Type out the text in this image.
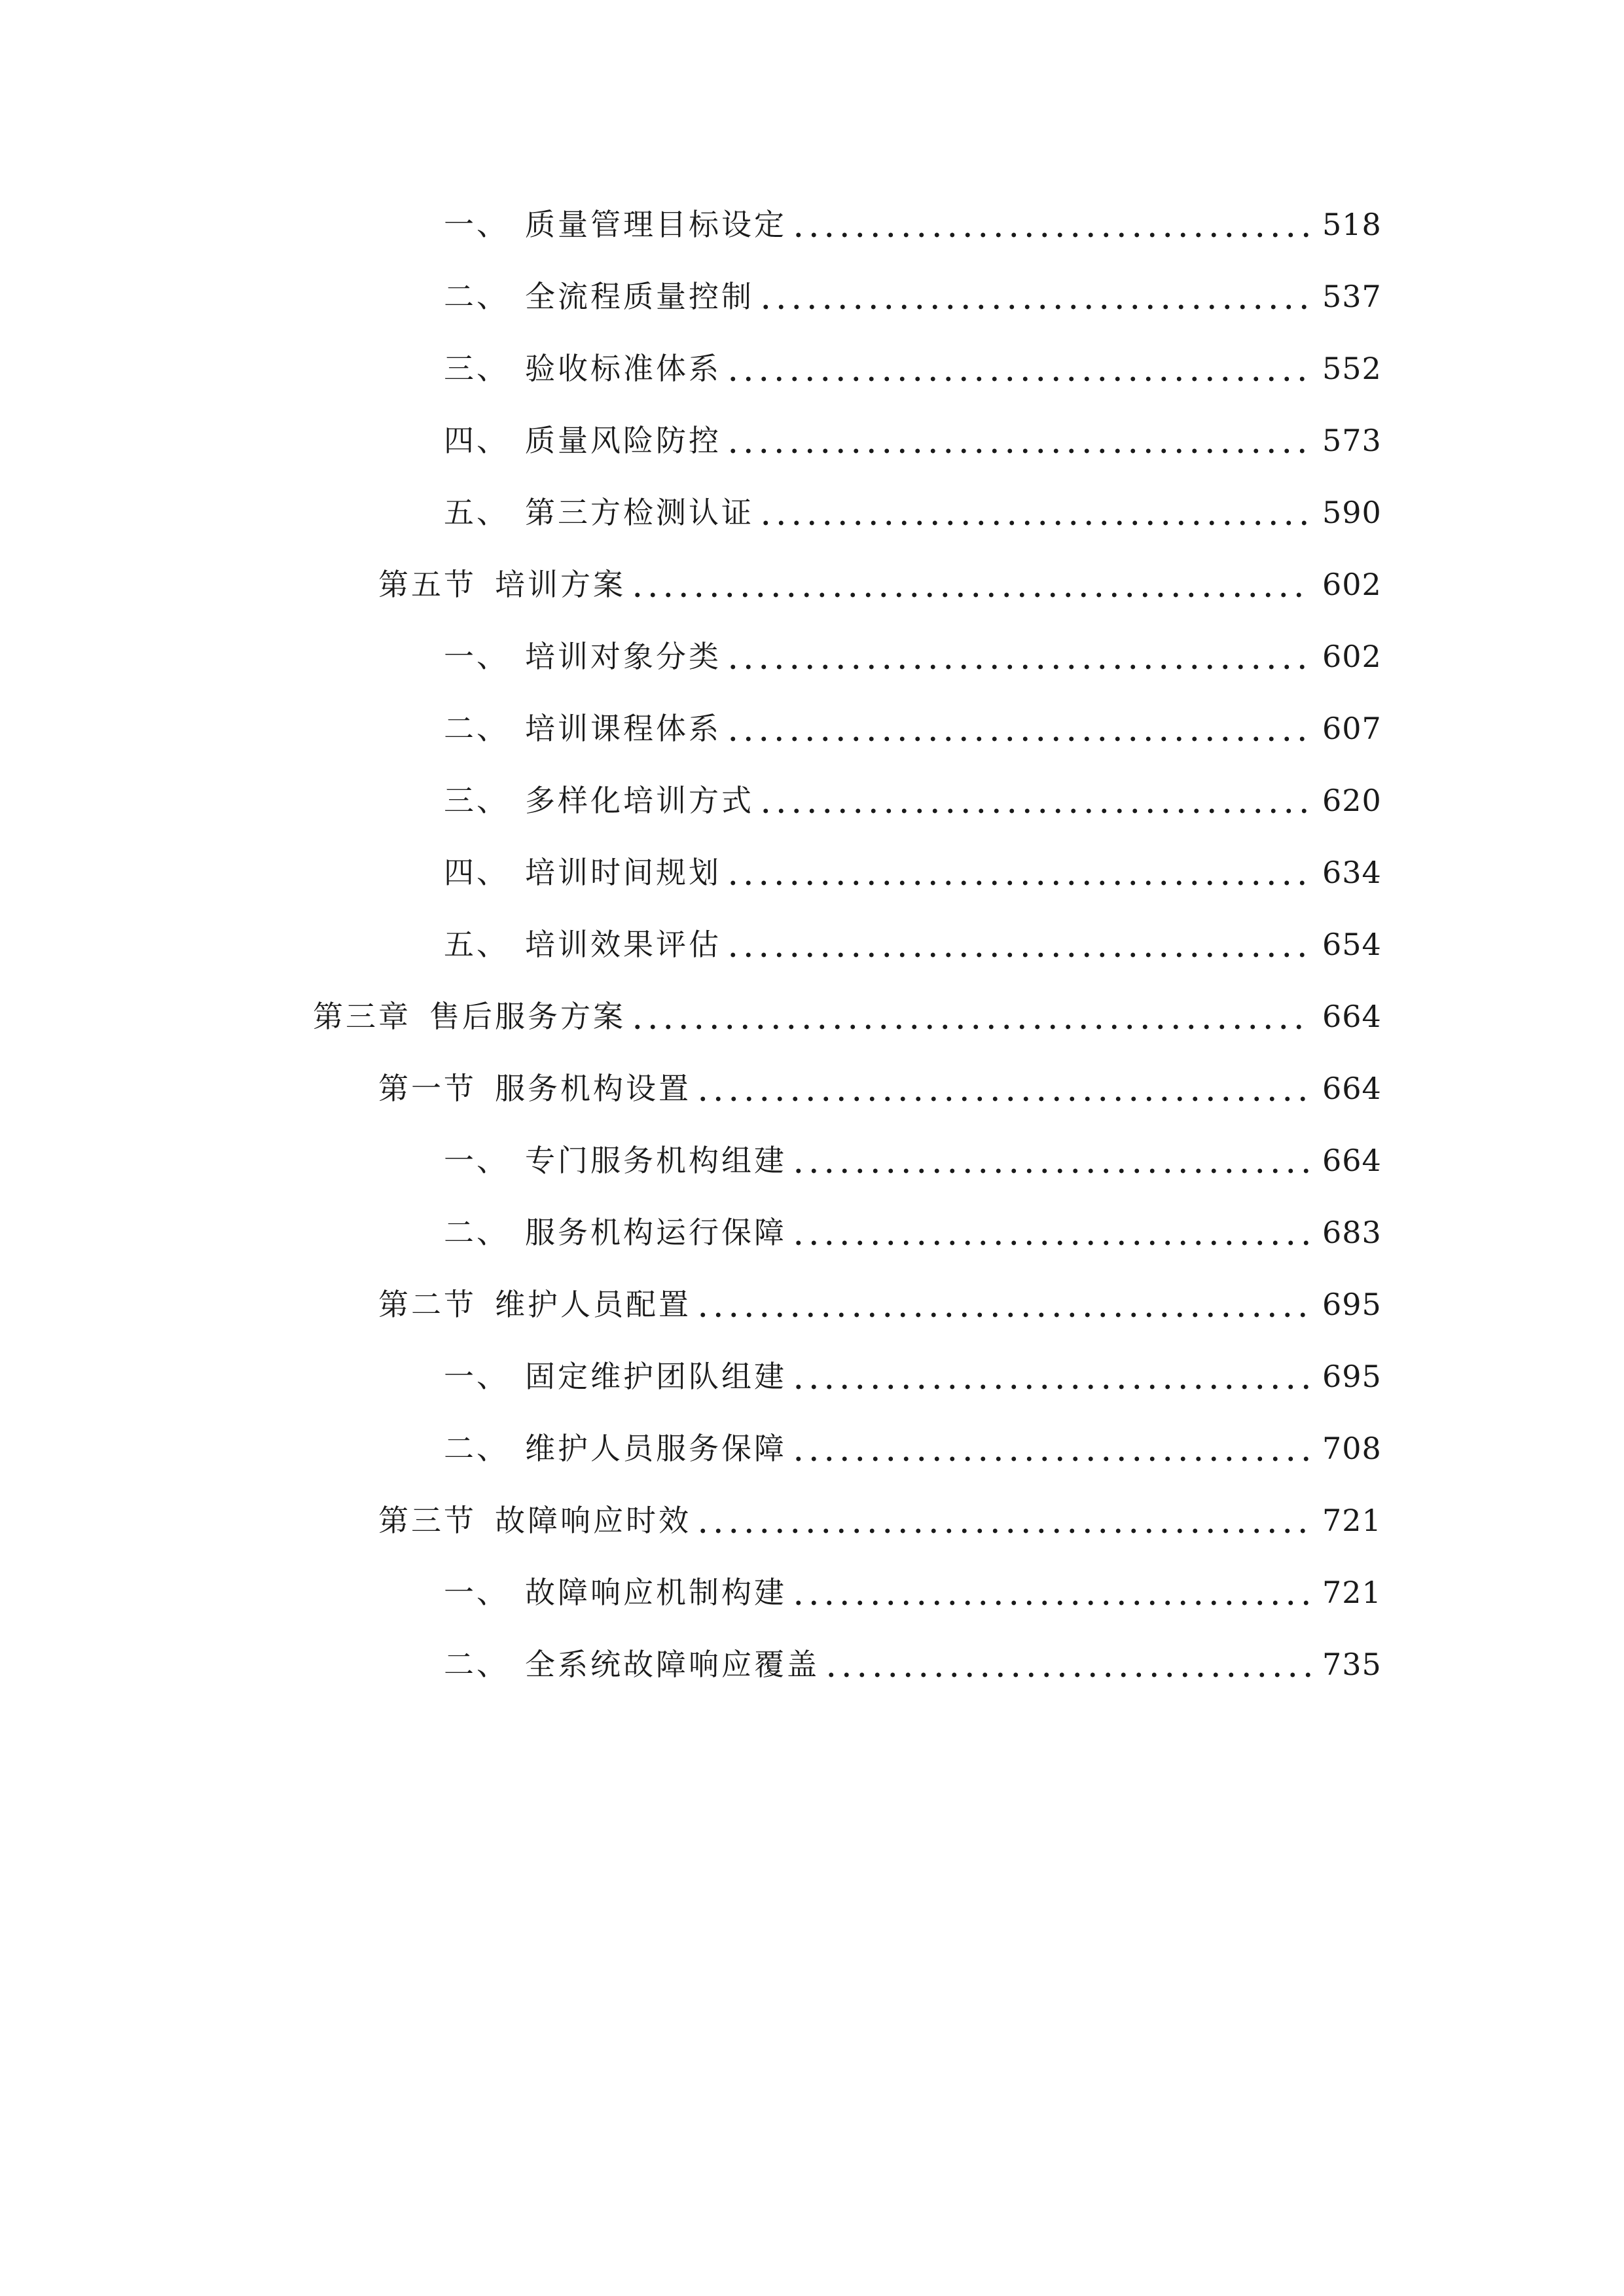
一、 质量管理目标设定	518
二、 全流程质量控制	537
三、 验收标准体系	552
四、 质量风险防控	573
五、 第三方检测认证	590
第五节 培训方案	602
一、 培训对象分类	602
二、 培训课程体系	607
三、 多样化培训方式	620
四、 培训时间规划	634
五、 培训效果评估	654
第三章 售后服务方案	664
第一节 服务机构设置	664
一、 专门服务机构组建	664
二、 服务机构运行保障	683
第二节 维护人员配置	695
一、 固定维护团队组建	695
二、 维护人员服务保障	708
第三节 故障响应时效	721
一、 故障响应机制构建	721
二、 全系统故障响应覆盖	735
